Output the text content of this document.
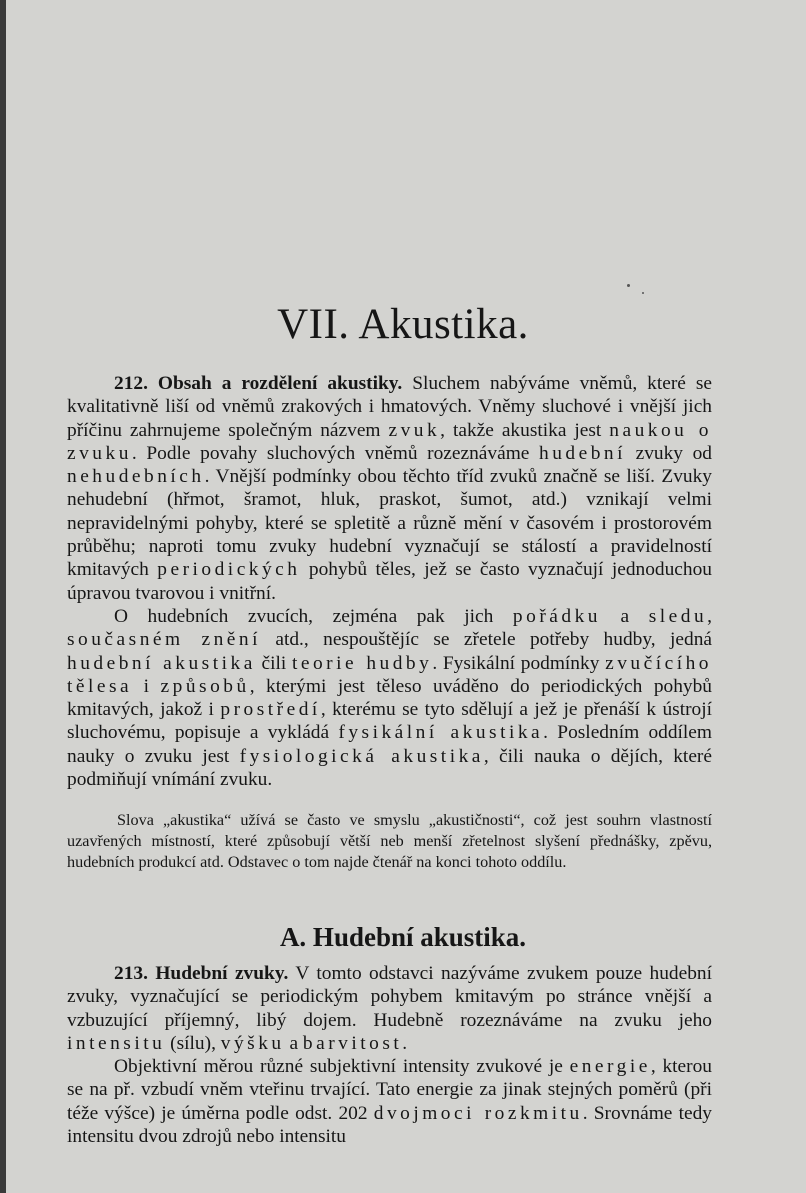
VII. Akustika.

212. Obsah a rozdělení akustiky. Sluchem nabýváme vněmů, které se kvalitativně liší od vněmů zrakových i hmatových. Vněmy sluchové i vnější jich příčinu zahrnujeme společným názvem zvuk, takže akustika jest naukou o zvuku. Podle povahy sluchových vněmů rozeznáváme hudební zvuky od nehudebních. Vnější podmínky obou těchto tříd zvuků značně se liší. Zvuky nehudební (hřmot, šramot, hluk, praskot, šumot, atd.) vznikají velmi nepravidelnými pohyby, které se spletitě a různě mění v časovém i prostorovém průběhu; naproti tomu zvuky hudební vyznačují se stálostí a pravidelností kmitavých periodických pohybů těles, jež se často vyznačují jednoduchou úpravou tvarovou i vnitřní.

O hudebních zvucích, zejména pak jich pořádku a sledu, současném znění atd., nespouštějíc se zřetele potřeby hudby, jedná hudební akustika čili teorie hudby. Fysikální podmínky zvučícího tělesa i způsobů, kterými jest těleso uváděno do periodických pohybů kmitavých, jakož i prostředí, kterému se tyto sdělují a jež je přenáší k ústrojí sluchovému, popisuje a vykládá fysikální akustika. Posledním oddílem nauky o zvuku jest fysiologická akustika, čili nauka o dějích, které podmiňují vnímání zvuku.

Slova „akustika“ užívá se často ve smyslu „akustičnosti“, což jest souhrn vlastností uzavřených místností, které způsobují větší neb menší zřetelnost slyšení přednášky, zpěvu, hudebních produkcí atd. Odstavec o tom najde čtenář na konci tohoto oddílu.

A. Hudební akustika.

213. Hudební zvuky. V tomto odstavci nazýváme zvukem pouze hudební zvuky, vyznačující se periodickým pohybem kmitavým po stránce vnější a vzbuzující příjemný, libý dojem. Hudebně rozeznáváme na zvuku jeho intensitu (sílu), výšku a barvitost.

Objektivní měrou různé subjektivní intensity zvukové je energie, kterou se na př. vzbudí vněm vteřinu trvající. Tato energie za jinak stejných poměrů (při téže výšce) je úměrna podle odst. 202 dvojmoci rozkmitu. Srovnáme tedy intensitu dvou zdrojů nebo intensitu
